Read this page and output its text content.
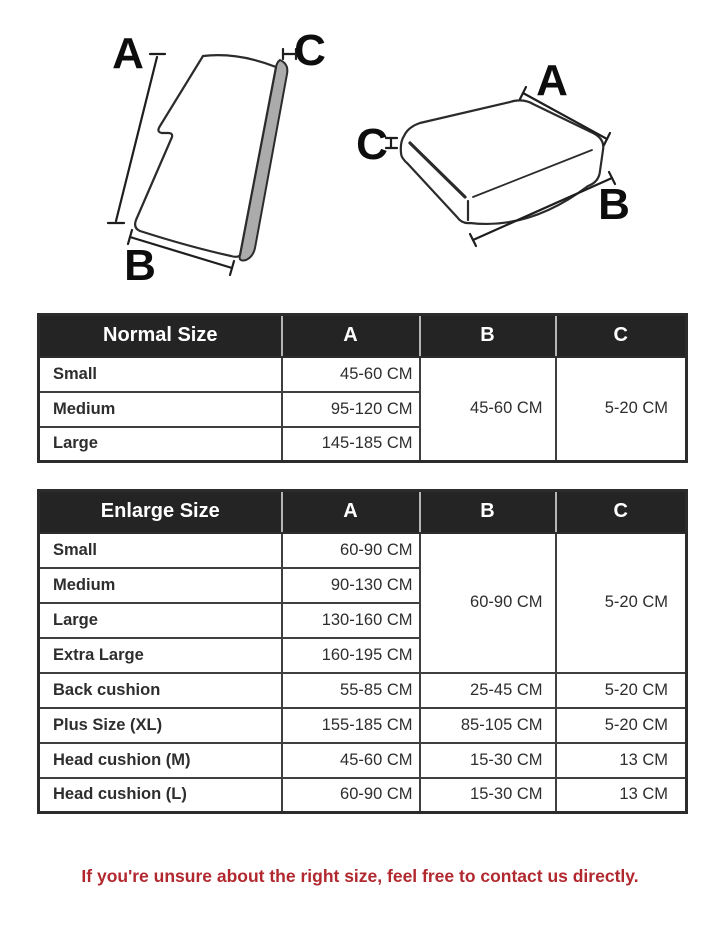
A
B
C
A
B
C
Normal Size	A	B	C
Small	45-60 CM	45-60 CM	5-20 CM
Medium	95-120 CM		
Large	145-185 CM		
Enlarge Size	A	B	C
Small	60-90 CM	60-90 CM	5-20 CM
Medium	90-130 CM		
Large	130-160 CM		
Extra Large	160-195 CM		
Back cushion	55-85 CM	25-45 CM	5-20 CM
Plus Size (XL)	155-185 CM	85-105 CM	5-20 CM
Head cushion (M)	45-60 CM	15-30 CM	13 CM
Head cushion (L)	60-90 CM	15-30 CM	13 CM
If you're unsure about the right size, feel free to contact us directly.
